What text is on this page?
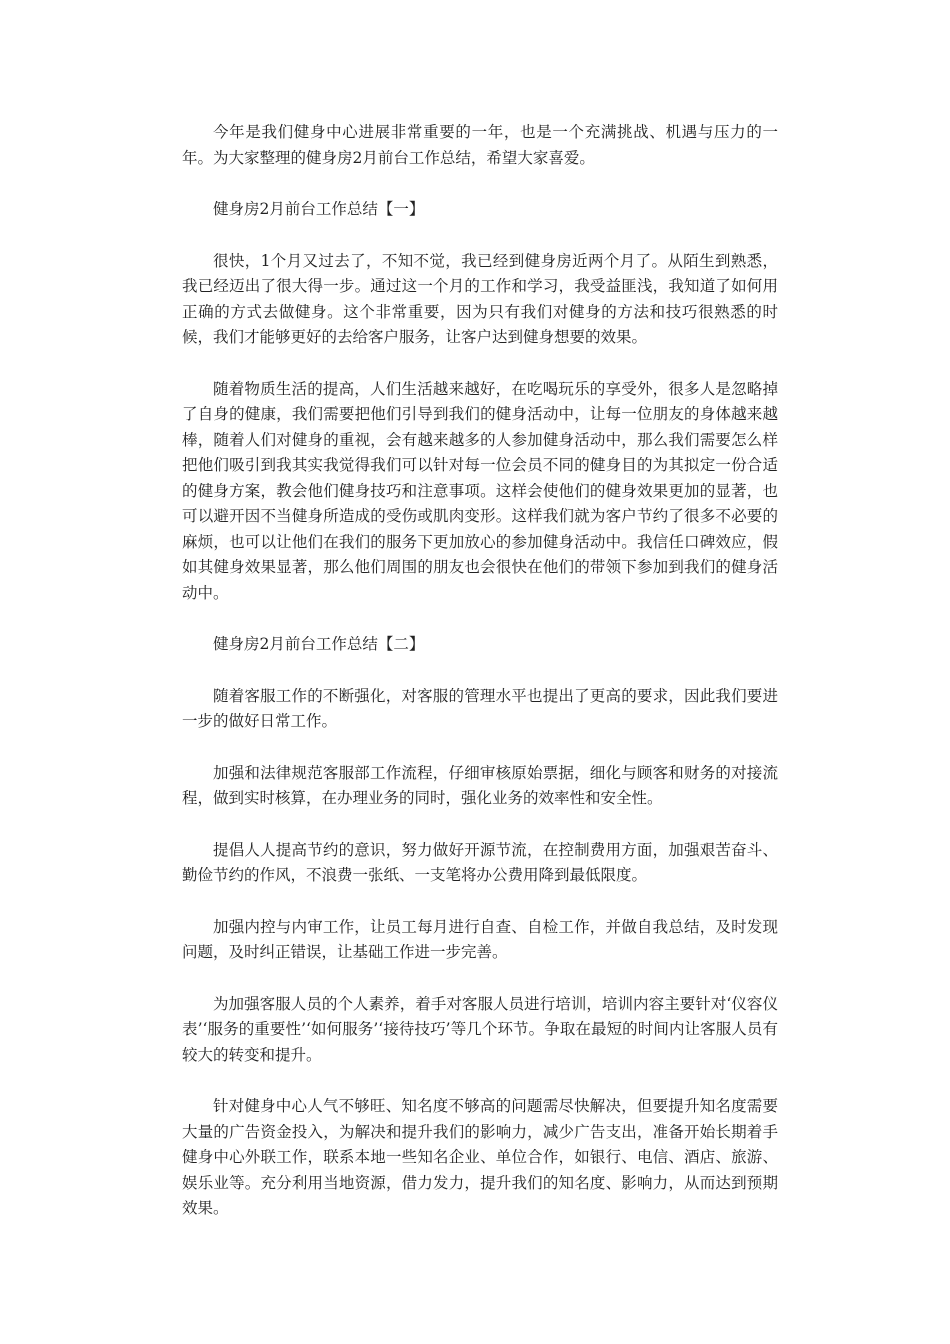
今年是我们健身中心进展非常重要的一年，也是一个充满挑战、机遇与压力的一年。为大家整理的健身房2月前台工作总结，希望大家喜爱。

健身房2月前台工作总结【一】

很快，1个月又过去了，不知不觉，我已经到健身房近两个月了。从陌生到熟悉，我已经迈出了很大得一步。通过这一个月的工作和学习，我受益匪浅，我知道了如何用正确的方式去做健身。这个非常重要，因为只有我们对健身的方法和技巧很熟悉的时候，我们才能够更好的去给客户服务，让客户达到健身想要的效果。

随着物质生活的提高，人们生活越来越好，在吃喝玩乐的享受外，很多人是忽略掉了自身的健康，我们需要把他们引导到我们的健身活动中，让每一位朋友的身体越来越棒，随着人们对健身的重视，会有越来越多的人参加健身活动中，那么我们需要怎么样把他们吸引到我其实我觉得我们可以针对每一位会员不同的健身目的为其拟定一份合适的健身方案，教会他们健身技巧和注意事项。这样会使他们的健身效果更加的显著，也可以避开因不当健身所造成的受伤或肌肉变形。这样我们就为客户节约了很多不必要的麻烦，也可以让他们在我们的服务下更加放心的参加健身活动中。我信任口碑效应，假如其健身效果显著，那么他们周围的朋友也会很快在他们的带领下参加到我们的健身活动中。

健身房2月前台工作总结【二】

随着客服工作的不断强化，对客服的管理水平也提出了更高的要求，因此我们要进一步的做好日常工作。

加强和法律规范客服部工作流程，仔细审核原始票据，细化与顾客和财务的对接流程，做到实时核算，在办理业务的同时，强化业务的效率性和安全性。

提倡人人提高节约的意识，努力做好开源节流，在控制费用方面，加强艰苦奋斗、勤俭节约的作风，不浪费一张纸、一支笔将办公费用降到最低限度。

加强内控与内审工作，让员工每月进行自查、自检工作，并做自我总结，及时发现问题，及时纠正错误，让基础工作进一步完善。

为加强客服人员的个人素养，着手对客服人员进行培训，培训内容主要针对‘仪容仪表’‘服务的重要性’‘如何服务’‘接待技巧’等几个环节。争取在最短的时间内让客服人员有较大的转变和提升。

针对健身中心人气不够旺、知名度不够高的问题需尽快解决，但要提升知名度需要大量的广告资金投入，为解决和提升我们的影响力，减少广告支出，准备开始长期着手健身中心外联工作，联系本地一些知名企业、单位合作，如银行、电信、酒店、旅游、娱乐业等。充分利用当地资源，借力发力，提升我们的知名度、影响力，从而达到预期效果。
